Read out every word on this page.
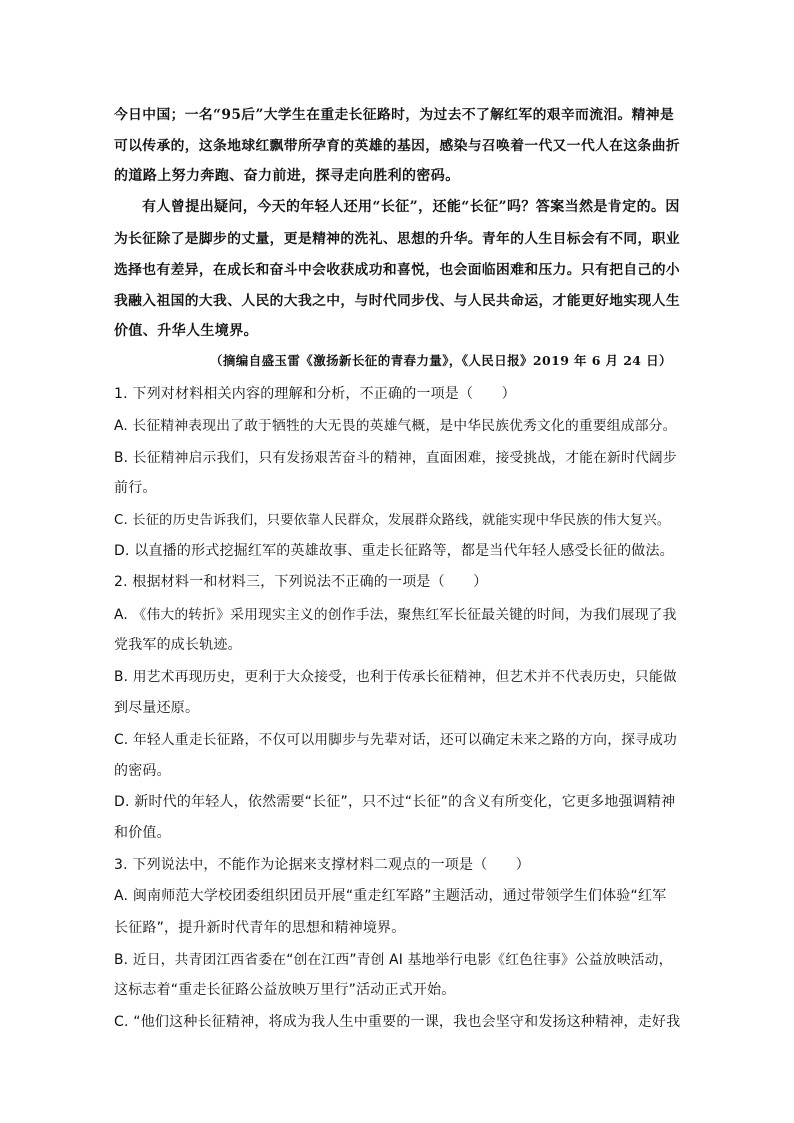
今日中国；一名“95后”大学生在重走长征路时，为过去不了解红军的艰辛而流泪。精神是
可以传承的，这条地球红飘带所孕育的英雄的基因，感染与召唤着一代又一代人在这条曲折
的道路上努力奔跑、奋力前进，探寻走向胜利的密码。
有人曾提出疑问，今天的年轻人还用“长征”，还能“长征”吗？答案当然是肯定的。因
为长征除了是脚步的丈量，更是精神的洗礼、思想的升华。青年的人生目标会有不同，职业
选择也有差异，在成长和奋斗中会收获成功和喜悦，也会面临困难和压力。只有把自己的小
我融入祖国的大我、人民的大我之中，与时代同步伐、与人民共命运，才能更好地实现人生
价值、升华人生境界。
（摘编自盛玉雷《激扬新长征的青春力量》，《人民日报》2019 年 6 月 24 日）
1. 下列对材料相关内容的理解和分析，不正确的一项是（　　）
A. 长征精神表现出了敢于牺牲的大无畏的英雄气概，是中华民族优秀文化的重要组成部分。
B. 长征精神启示我们，只有发扬艰苦奋斗的精神，直面困难，接受挑战，才能在新时代阔步
前行。
C. 长征的历史告诉我们，只要依靠人民群众，发展群众路线，就能实现中华民族的伟大复兴。
D. 以直播的形式挖掘红军的英雄故事、重走长征路等，都是当代年轻人感受长征的做法。
2. 根据材料一和材料三，下列说法不正确的一项是（　　）
A. 《伟大的转折》采用现实主义的创作手法，聚焦红军长征最关键的时间，为我们展现了我
党我军的成长轨迹。
B. 用艺术再现历史，更利于大众接受，也利于传承长征精神，但艺术并不代表历史，只能做
到尽量还原。
C. 年轻人重走长征路，不仅可以用脚步与先辈对话，还可以确定未来之路的方向，探寻成功
的密码。
D. 新时代的年轻人，依然需要“长征”，只不过“长征”的含义有所变化，它更多地强调精神
和价值。
3. 下列说法中，不能作为论据来支撑材料二观点的一项是（　　）
A. 闽南师范大学校团委组织团员开展“重走红军路”主题活动，通过带领学生们体验“红军
长征路”，提升新时代青年的思想和精神境界。
B. 近日，共青团江西省委在“创在江西”青创 AI 基地举行电影《红色往事》公益放映活动，
这标志着“重走长征路公益放映万里行”活动正式开始。
C. “他们这种长征精神，将成为我人生中重要的一课，我也会坚守和发扬这种精神，走好我
